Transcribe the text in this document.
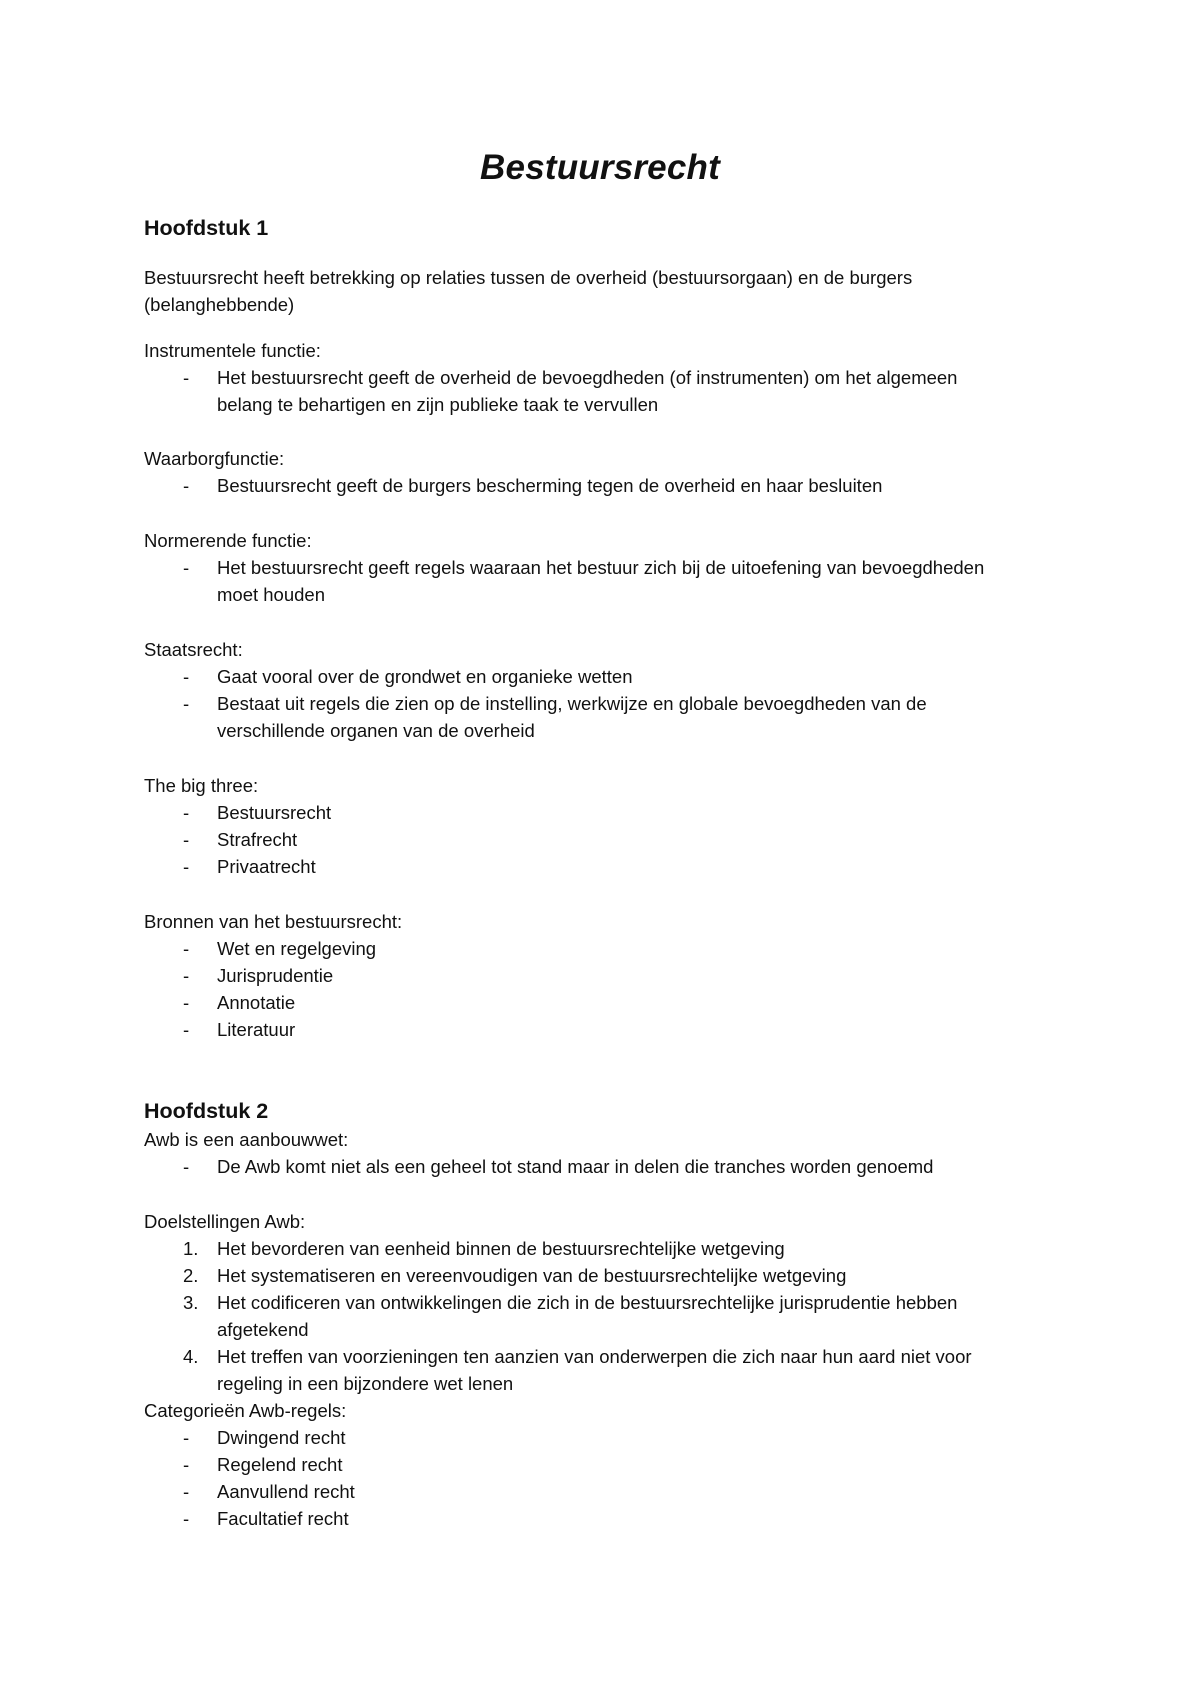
Bestuursrecht
Hoofdstuk 1
Bestuursrecht heeft betrekking op relaties tussen de overheid (bestuursorgaan) en de burgers
(belanghebbende)
Instrumentele functie:
- Het bestuursrecht geeft de overheid de bevoegdheden (of instrumenten) om het algemeen
belang te behartigen en zijn publieke taak te vervullen
Waarborgfunctie:
- Bestuursrecht geeft de burgers bescherming tegen de overheid en haar besluiten
Normerende functie:
- Het bestuursrecht geeft regels waaraan het bestuur zich bij de uitoefening van bevoegdheden
moet houden
Staatsrecht:
- Gaat vooral over de grondwet en organieke wetten
- Bestaat uit regels die zien op de instelling, werkwijze en globale bevoegdheden van de
verschillende organen van de overheid
The big three:
- Bestuursrecht
- Strafrecht
- Privaatrecht
Bronnen van het bestuursrecht:
- Wet en regelgeving
- Jurisprudentie
- Annotatie
- Literatuur
Hoofdstuk 2
Awb is een aanbouwwet:
- De Awb komt niet als een geheel tot stand maar in delen die tranches worden genoemd
Doelstellingen Awb:
1. Het bevorderen van eenheid binnen de bestuursrechtelijke wetgeving
2. Het systematiseren en vereenvoudigen van de bestuursrechtelijke wetgeving
3. Het codificeren van ontwikkelingen die zich in de bestuursrechtelijke jurisprudentie hebben
afgetekend
4. Het treffen van voorzieningen ten aanzien van onderwerpen die zich naar hun aard niet voor
regeling in een bijzondere wet lenen
Categorieën Awb-regels:
- Dwingend recht
- Regelend recht
- Aanvullend recht
- Facultatief recht
